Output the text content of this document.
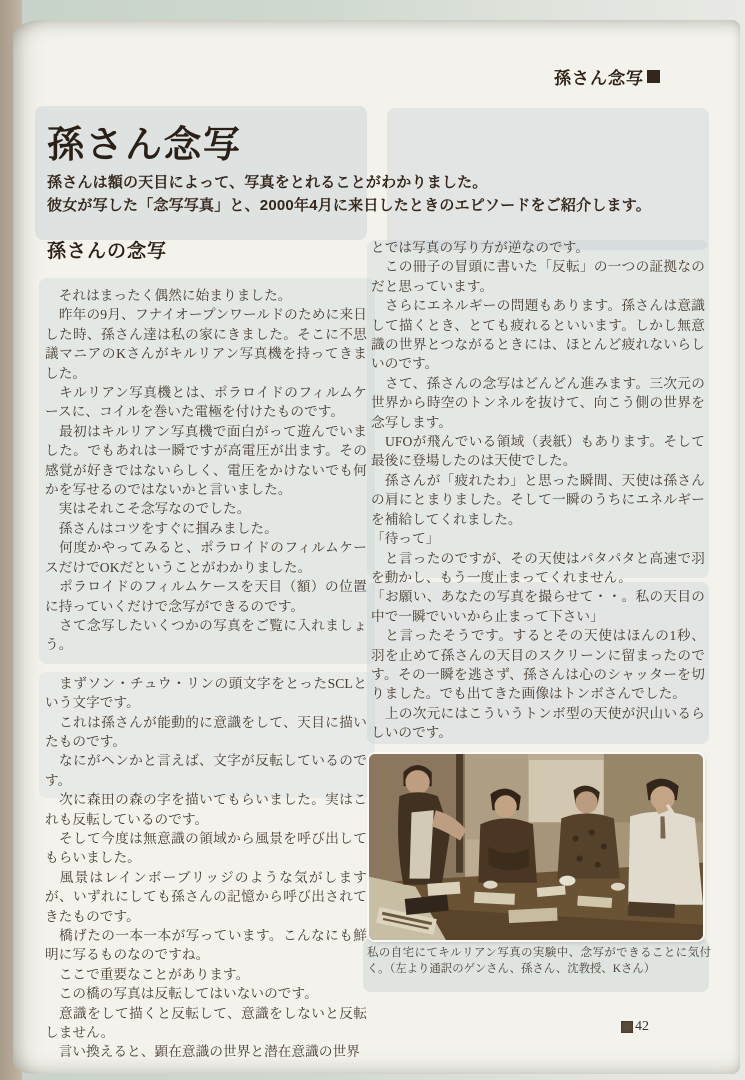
孫さん念写
孫さん念写
孫さんは額の天目によって、写真をとれることがわかりました。
彼女が写した「念写写真」と、2000年4月に来日したときのエピソードをご紹介します。
孫さんの念写

　それはまったく偶然に始まりました。

　昨年の9月、フナイオープンワールドのために来日した時、孫さん達は私の家にきました。そこに不思議マニアのKさんがキルリアン写真機を持ってきました。

　キルリアン写真機とは、ポラロイドのフィルムケースに、コイルを巻いた電極を付けたものです。

　最初はキルリアン写真機で面白がって遊んでいました。でもあれは一瞬ですが高電圧が出ます。その感覚が好きではないらしく、電圧をかけないでも何かを写せるのではないかと言いました。

　実はそれこそ念写なのでした。

　孫さんはコツをすぐに掴みました。

　何度かやってみると、ポラロイドのフィルムケースだけでOKだということがわかりました。

　ポラロイドのフィルムケースを天目（額）の位置に持っていくだけで念写ができるのです。

　さて念写したいくつかの写真をご覧に入れましょう。

　まずソン・チュウ・リンの頭文字をとったSCLという文字です。

　これは孫さんが能動的に意識をして、天目に描いたものです。

　なにがヘンかと言えば、文字が反転しているのです。

　次に森田の森の字を描いてもらいました。実はこれも反転しているのです。

　そして今度は無意識の領域から風景を呼び出してもらいました。

　風景はレインボーブリッジのような気がしますが、いずれにしても孫さんの記憶から呼び出されてきたものです。

　橋げたの一本一本が写っています。こんなにも鮮明に写るものなのですね。

　ここで重要なことがあります。

　この橋の写真は反転してはいないのです。

　意識をして描くと反転して、意識をしないと反転しません。

　言い換えると、顕在意識の世界と潜在意識の世界

とでは写真の写り方が逆なのです。

　この冊子の冒頭に書いた「反転」の一つの証拠なのだと思っています。

　さらにエネルギーの問題もあります。孫さんは意識して描くとき、とても疲れるといいます。しかし無意識の世界とつながるときには、ほとんど疲れないらしいのです。

　さて、孫さんの念写はどんどん進みます。三次元の世界から時空のトンネルを抜けて、向こう側の世界を念写します。

　UFOが飛んでいる領域（表紙）もあります。そして最後に登場したのは天使でした。

　孫さんが「疲れたわ」と思った瞬間、天使は孫さんの肩にとまりました。そして一瞬のうちにエネルギーを補給してくれました。

「待って」

　と言ったのですが、その天使はパタパタと高速で羽を動かし、もう一度止まってくれません。

「お願い、あなたの写真を撮らせて・・。私の天目の中で一瞬でいいから止まって下さい」

　と言ったそうです。するとその天使はほんの1秒、羽を止めて孫さんの天目のスクリーンに留まったのです。その一瞬を逃さず、孫さんは心のシャッターを切りました。でも出てきた画像はトンボさんでした。

　上の次元にはこういうトンボ型の天使が沢山いるらしいのです。

私の自宅にてキルリアン写真の実験中、念写ができることに気付く。（左より通訳のゲンさん、孫さん、沈教授、Kさん）
42
